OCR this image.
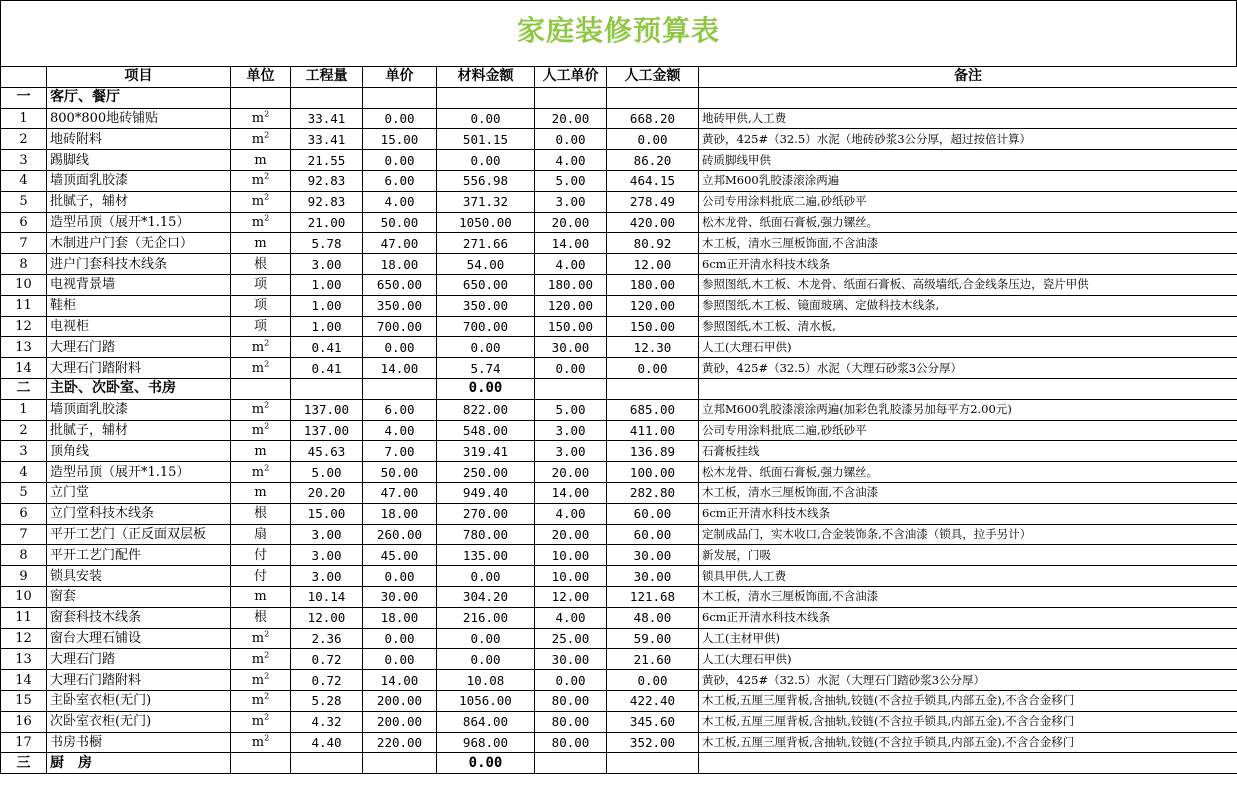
家庭装修预算表
	项目	单位	工程量	单价	材料金额	人工单价	人工金额	备注
一	客厅、餐厅							
1	800*800地砖铺贴	$m^2$	33.41	0.00	0.00	20.00	668.20	地砖甲供,人工费
2	地砖附料	$m^2$	33.41	15.00	501.15	0.00	0.00	黄砂，425#（32.5）水泥（地砖砂浆3公分厚，超过按倍计算）
3	踢脚线	m	21.55	0.00	0.00	4.00	86.20	砖质脚线甲供
4	墙顶面乳胶漆	$m^2$	92.83	6.00	556.98	5.00	464.15	立邦M600乳胶漆滚涂两遍
5	批腻子，辅材	$m^2$	92.83	4.00	371.32	3.00	278.49	公司专用涂料批底二遍,砂纸砂平
6	造型吊顶（展开*1.15）	$m^2$	21.00	50.00	1050.00	20.00	420.00	松木龙骨、纸面石膏板,强力镙丝。
7	木制进户门套（无企口）	m	5.78	47.00	271.66	14.00	80.92	木工板，清水三厘板饰面,不含油漆
8	进户门套科技木线条	根	3.00	18.00	54.00	4.00	12.00	6cm正开清水科技木线条
10	电视背景墙	项	1.00	650.00	650.00	180.00	180.00	参照图纸,木工板、木龙骨、纸面石膏板、高级墙纸,合金线条压边，瓷片甲供
11	鞋柜	项	1.00	350.00	350.00	120.00	120.00	参照图纸,木工板、镜面玻璃、定做科技木线条,
12	电视柜	项	1.00	700.00	700.00	150.00	150.00	参照图纸,木工板、清水板,
13	大理石门踏	$m^2$	0.41	0.00	0.00	30.00	12.30	人工(大理石甲供)
14	大理石门踏附料	$m^2$	0.41	14.00	5.74	0.00	0.00	黄砂，425#（32.5）水泥（大理石砂浆3公分厚）
二	主卧、次卧室、书房				0.00			
1	墙顶面乳胶漆	$m^2$	137.00	6.00	822.00	5.00	685.00	立邦M600乳胶漆滚涂两遍(加彩色乳胶漆另加每平方2.00元)
2	批腻子，辅材	$m^2$	137.00	4.00	548.00	3.00	411.00	公司专用涂料批底二遍,砂纸砂平
3	顶角线	m	45.63	7.00	319.41	3.00	136.89	石膏板挂线
4	造型吊顶（展开*1.15）	$m^2$	5.00	50.00	250.00	20.00	100.00	松木龙骨、纸面石膏板,强力镙丝。
5	立门堂	m	20.20	47.00	949.40	14.00	282.80	木工板，清水三厘板饰面,不含油漆
6	立门堂科技木线条	根	15.00	18.00	270.00	4.00	60.00	6cm正开清水科技木线条
7	平开工艺门（正反面双层板	扇	3.00	260.00	780.00	20.00	60.00	定制成品门，实木收口,合金装饰条,不含油漆（锁具，拉手另计）
8	平开工艺门配件	付	3.00	45.00	135.00	10.00	30.00	新发展，门吸
9	锁具安装	付	3.00	0.00	0.00	10.00	30.00	锁具甲供,人工费
10	窗套	m	10.14	30.00	304.20	12.00	121.68	木工板，清水三厘板饰面,不含油漆
11	窗套科技木线条	根	12.00	18.00	216.00	4.00	48.00	6cm正开清水科技木线条
12	窗台大理石铺设	$m^2$	2.36	0.00	0.00	25.00	59.00	人工(主材甲供)
13	大理石门踏	$m^2$	0.72	0.00	0.00	30.00	21.60	人工(大理石甲供)
14	大理石门踏附料	$m^2$	0.72	14.00	10.08	0.00	0.00	黄砂，425#（32.5）水泥（大理石门踏砂浆3公分厚）
15	主卧室衣柜(无门)	$m^2$	5.28	200.00	1056.00	80.00	422.40	木工板,五厘三厘背板,含抽轨,铰链(不含拉手锁具,内部五金),不含合金移门
16	次卧室衣柜(无门)	$m^2$	4.32	200.00	864.00	80.00	345.60	木工板,五厘三厘背板,含抽轨,铰链(不含拉手锁具,内部五金),不含合金移门
17	书房书橱	$m^2$	4.40	220.00	968.00	80.00	352.00	木工板,五厘三厘背板,含抽轨,铰链(不含拉手锁具,内部五金),不含合金移门
三	厨　房				0.00			
